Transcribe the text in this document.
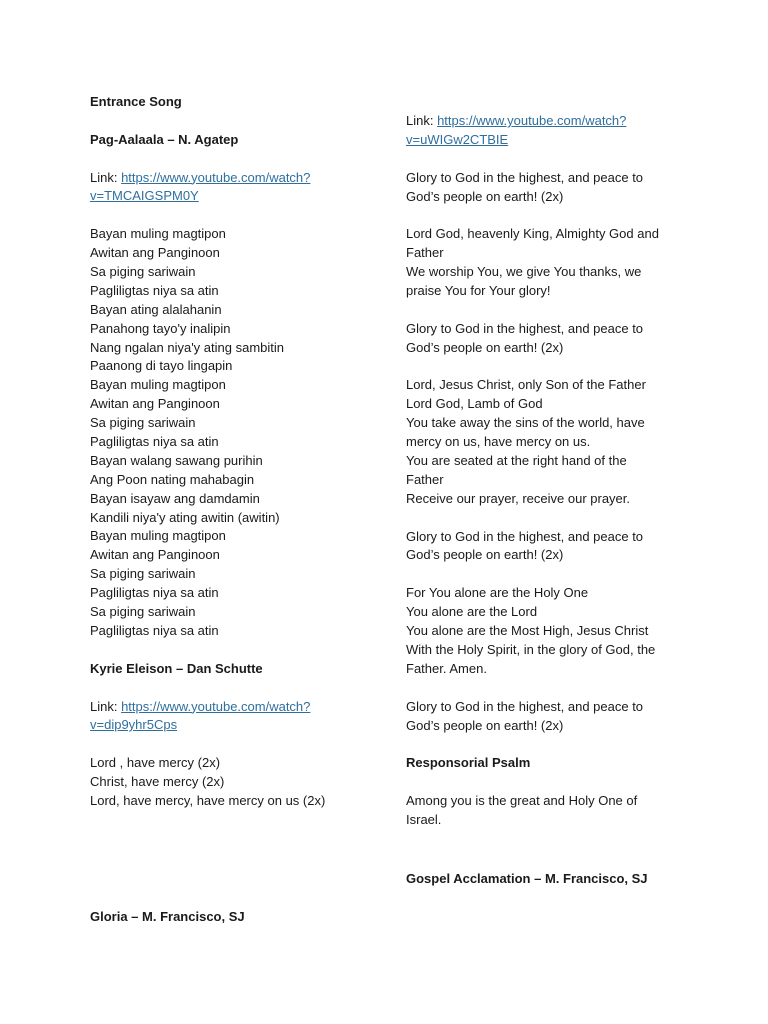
Entrance Song
Pag-Aalaala – N. Agatep
Link: https://www.youtube.com/watch?
v=TMCAIGSPM0Y
Bayan muling magtipon
Awitan ang Panginoon
Sa piging sariwain
Pagliligtas niya sa atin
Bayan ating alalahanin
Panahong tayo'y inalipin
Nang ngalan niya'y ating sambitin
Paanong di tayo lingapin
Bayan muling magtipon
Awitan ang Panginoon
Sa piging sariwain
Pagliligtas niya sa atin
Bayan walang sawang purihin
Ang Poon nating mahabagin
Bayan isayaw ang damdamin
Kandili niya'y ating awitin (awitin)
Bayan muling magtipon
Awitan ang Panginoon
Sa piging sariwain
Pagliligtas niya sa atin
Sa piging sariwain
Pagliligtas niya sa atin
Kyrie Eleison – Dan Schutte
Link: https://www.youtube.com/watch?
v=dip9yhr5Cps
Lord , have mercy (2x)
Christ, have mercy (2x)
Lord, have mercy, have mercy on us (2x)
Gloria – M. Francisco, SJ
Link: https://www.youtube.com/watch?
v=uWIGw2CTBIE
Glory to God in the highest, and peace to
God’s people on earth! (2x)
Lord God, heavenly King, Almighty God and
Father
We worship You, we give You thanks, we
praise You for Your glory!
Glory to God in the highest, and peace to
God’s people on earth! (2x)
Lord, Jesus Christ, only Son of the Father
Lord God, Lamb of God
You take away the sins of the world, have
mercy on us, have mercy on us.
You are seated at the right hand of the
Father
Receive our prayer, receive our prayer.
Glory to God in the highest, and peace to
God’s people on earth! (2x)
For You alone are the Holy One
You alone are the Lord
You alone are the Most High, Jesus Christ
With the Holy Spirit, in the glory of God, the
Father. Amen.
Glory to God in the highest, and peace to
God’s people on earth! (2x)
Responsorial Psalm
Among you is the great and Holy One of
Israel.
Gospel Acclamation – M. Francisco, SJ
